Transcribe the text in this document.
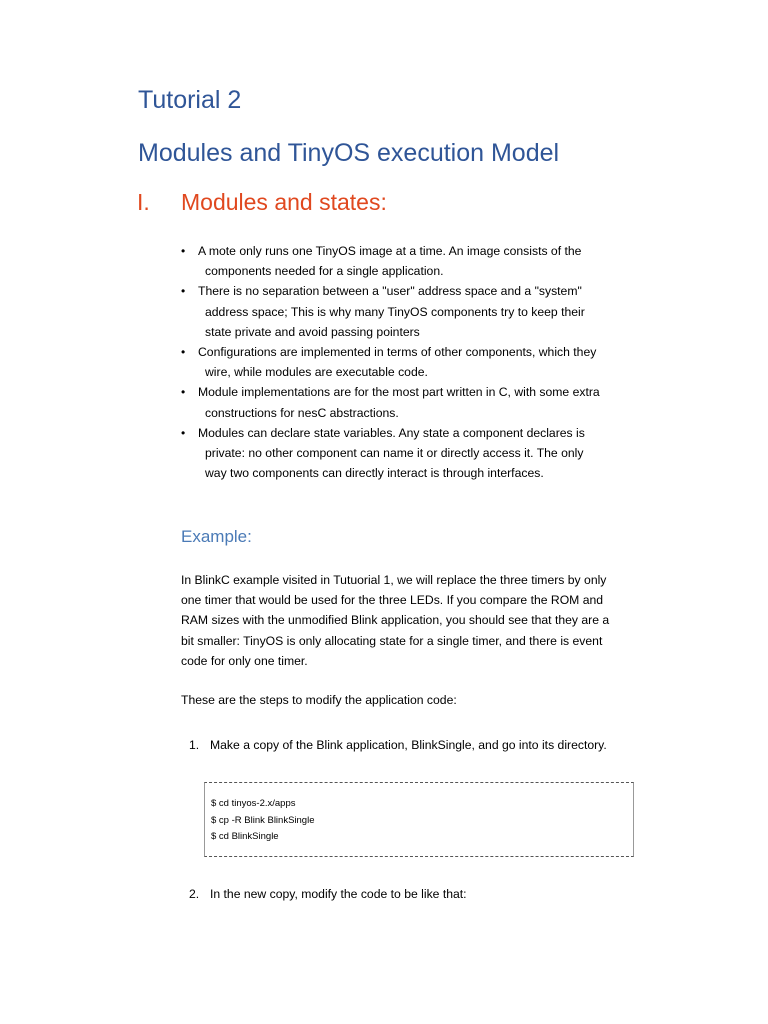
Tutorial 2
Modules and TinyOS execution Model
I. Modules and states:
• A mote only runs one TinyOS image at a time. An image consists of the components needed for a single application.
• There is no separation between a "user" address space and a "system" address space; This is why many TinyOS components try to keep their state private and avoid passing pointers
• Configurations are implemented in terms of other components, which they wire, while modules are executable code.
• Module implementations are for the most part written in C, with some extra constructions for nesC abstractions.
• Modules can declare state variables. Any state a component declares is private: no other component can name it or directly access it. The only way two components can directly interact is through interfaces.
Example:

In BlinkC example visited in Tutuorial 1, we will replace the three timers by only one timer that would be used for the three LEDs. If you compare the ROM and RAM sizes with the unmodified Blink application, you should see that they are a bit smaller: TinyOS is only allocating state for a single timer, and there is event code for only one timer.

These are the steps to modify the application code:

1. Make a copy of the Blink application, BlinkSingle, and go into its directory.
$ cd tinyos-2.x/apps
$ cp -R Blink BlinkSingle
$ cd BlinkSingle
2. In the new copy, modify the code to be like that:
